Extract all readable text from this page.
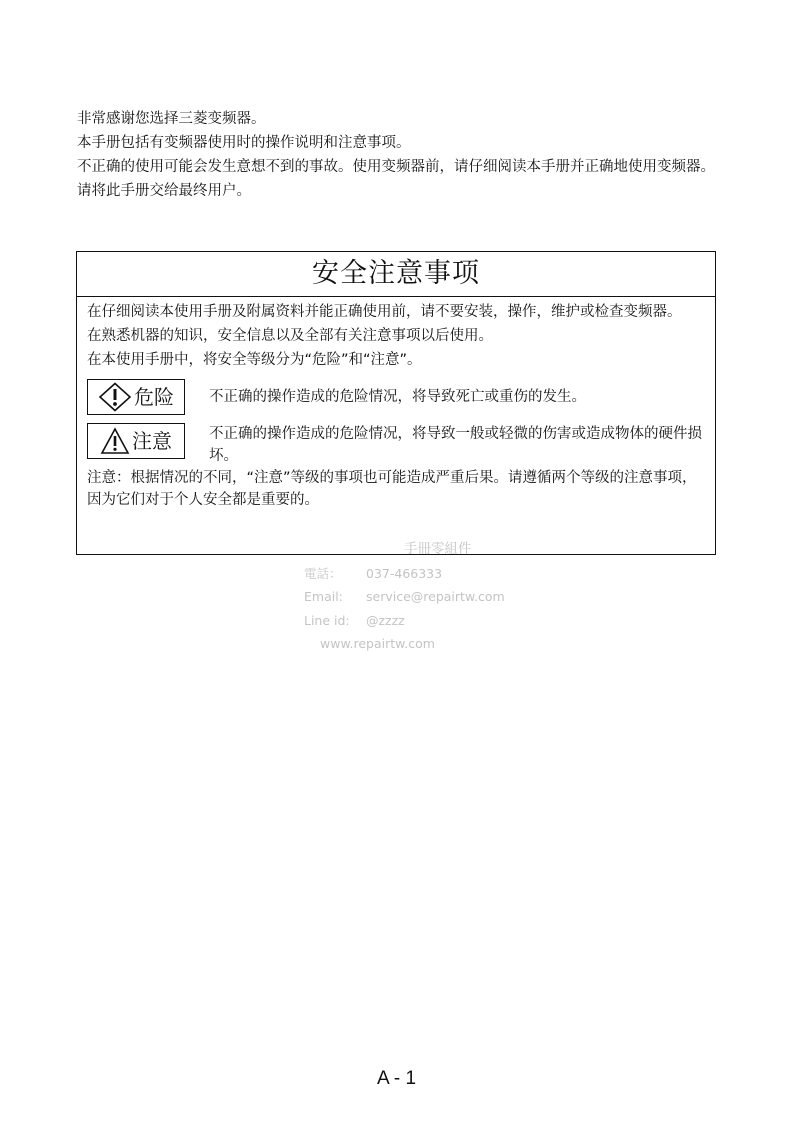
非常感谢您选择三菱变频器。

本手册包括有变频器使用时的操作说明和注意事项。

不正确的使用可能会发生意想不到的事故。使用变频器前，请仔细阅读本手册并正确地使用变频器。

请将此手册交给最终用户。

安全注意事项

在仔细阅读本使用手册及附属资料并能正确使用前，请不要安装，操作，维护或检查变频器。

在熟悉机器的知识，安全信息以及全部有关注意事项以后使用。

在本使用手册中，将安全等级分为“危险”和“注意”。

危险 不正确的操作造成的危险情况，将导致死亡或重伤的发生。
注意	不正确的操作造成的危险情况，将导致一般或轻微的伤害或造成物体的硬件损坏。

注意：根据情况的不同，“注意”等级的事项也可能造成严重后果。请遵循两个等级的注意事项，因为它们对于个人安全都是重要的。

手冊零組件
電話：	037-466333
Email:	service@repairtw.com
Line id:	@zzzz
www.repairtw.com
A - 1
